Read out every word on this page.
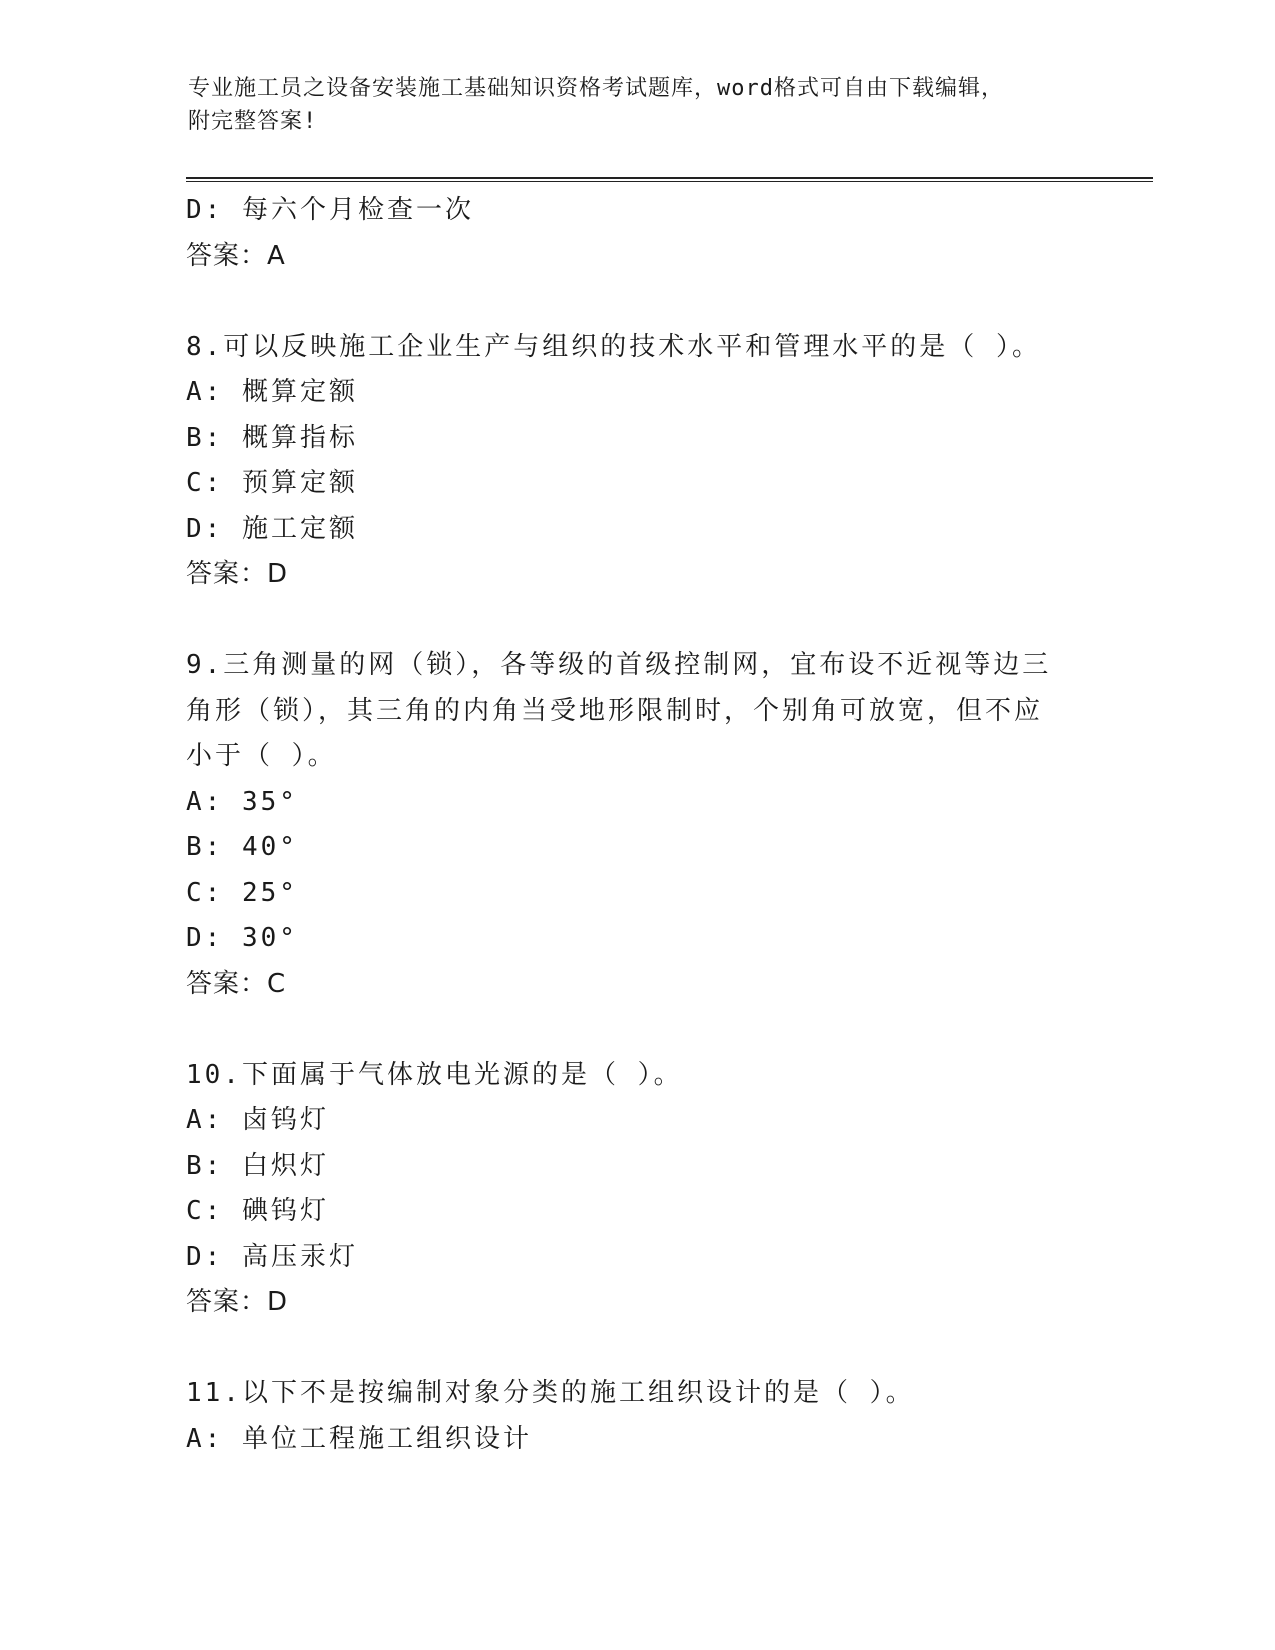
专业施工员之设备安装施工基础知识资格考试题库，word格式可自由下载编辑，
附完整答案!

D: 每六个月检查一次

答案：A

8.可以反映施工企业生产与组织的技术水平和管理水平的是（ ）。

A: 概算定额

B: 概算指标

C: 预算定额

D: 施工定额

答案：D

9.三角测量的网（锁），各等级的首级控制网，宜布设不近视等边三

角形（锁），其三角的内角当受地形限制时，个别角可放宽，但不应

小于（ ）。

A: 35°

B: 40°

C: 25°

D: 30°

答案：C

10.下面属于气体放电光源的是（ ）。

A: 卤钨灯

B: 白炽灯

C: 碘钨灯

D: 高压汞灯

答案：D

11.以下不是按编制对象分类的施工组织设计的是（ ）。

A: 单位工程施工组织设计
